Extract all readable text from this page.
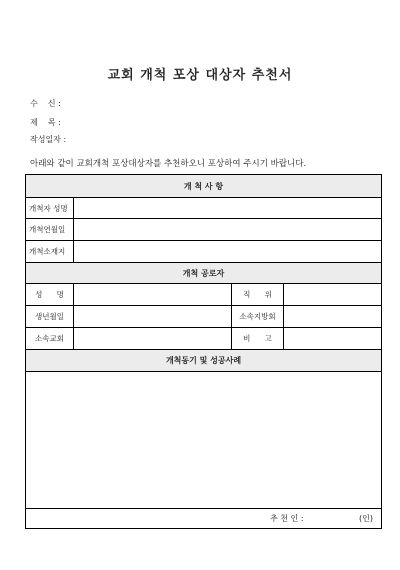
교회 개척 포상 대상자 추천서
수    신 :
제    목 :
작성일자 :
아래와 같이 교회개척 포상대상자를 추천하오니 포상하여 주시기 바랍니다.
개 척 사 항
개척자 성명
개척연월일
개척소재지
개척 공로자
성      명	직      위
생년월일	소속지방회
소속교회	비      고
개척동기 및 성공사례
추 천 인 :	(인)
